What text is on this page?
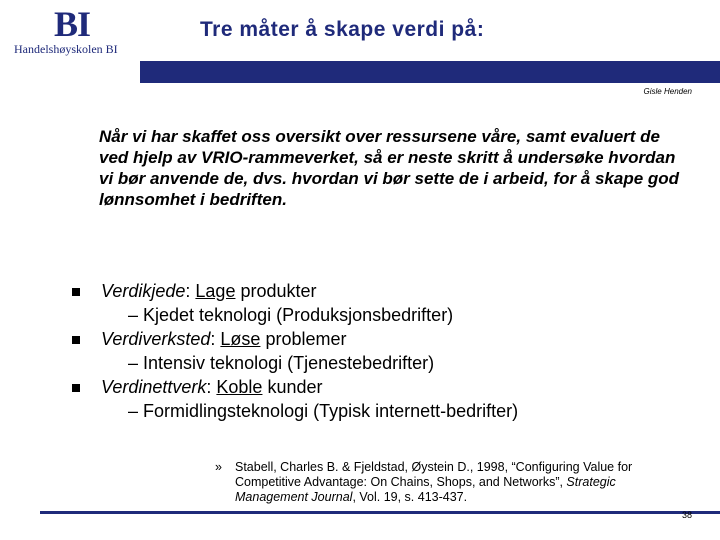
BI
Handelshøyskolen BI
Tre måter å skape verdi på:
Gisle Henden
Når vi har skaffet oss oversikt over ressursene våre, samt evaluert de ved hjelp av VRIO-rammeverket, så er neste skritt å undersøke hvordan vi bør anvende de, dvs. hvordan vi bør sette de i arbeid, for å skape god lønnsomhet i bedriften.
Verdikjede: Lage produkter
– Kjedet teknologi (Produksjonsbedrifter)
Verdiverksted: Løse problemer
– Intensiv teknologi (Tjenestebedrifter)
Verdinettverk: Koble kunder
– Formidlingsteknologi (Typisk internett-bedrifter)
» Stabell, Charles B. & Fjeldstad, Øystein D., 1998, “Configuring Value for Competitive Advantage: On Chains, Shops, and Networks”, Strategic Management Journal, Vol. 19, s. 413-437.
38
